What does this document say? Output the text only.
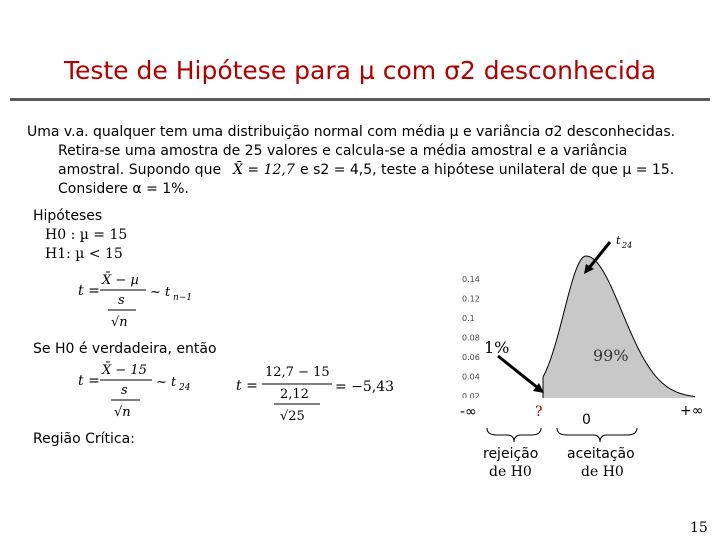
Teste de Hipótese para µ com σ2 desconhecida
Uma v.a. qualquer tem uma distribuição normal com média µ e variância σ2 desconhecidas.
Retira-se uma amostra de 25 valores e calcula-se a média amostral e a variância
amostral. Supondo que X̄ = 12,7 e s2 = 4,5, teste a hipótese unilateral de que µ = 15.
Considere α = 1%.
Hipóteses
H0 : µ = 15
H1: µ < 15
t =
X̄ − µ
s
√n
~ t n−1
Se H0 é verdadeira, então
t =
X̄ − 15
s
√n
~ t 24	t =
12,7 − 15
2,12
√25
= −5,43
Região Crítica:
0.14
0.12
0.1
0.08
0.06
0.04
0.02
t 24
1%	99%
-∞	?	0
+∞
rejeição
de H0
aceitação
de H0
15
